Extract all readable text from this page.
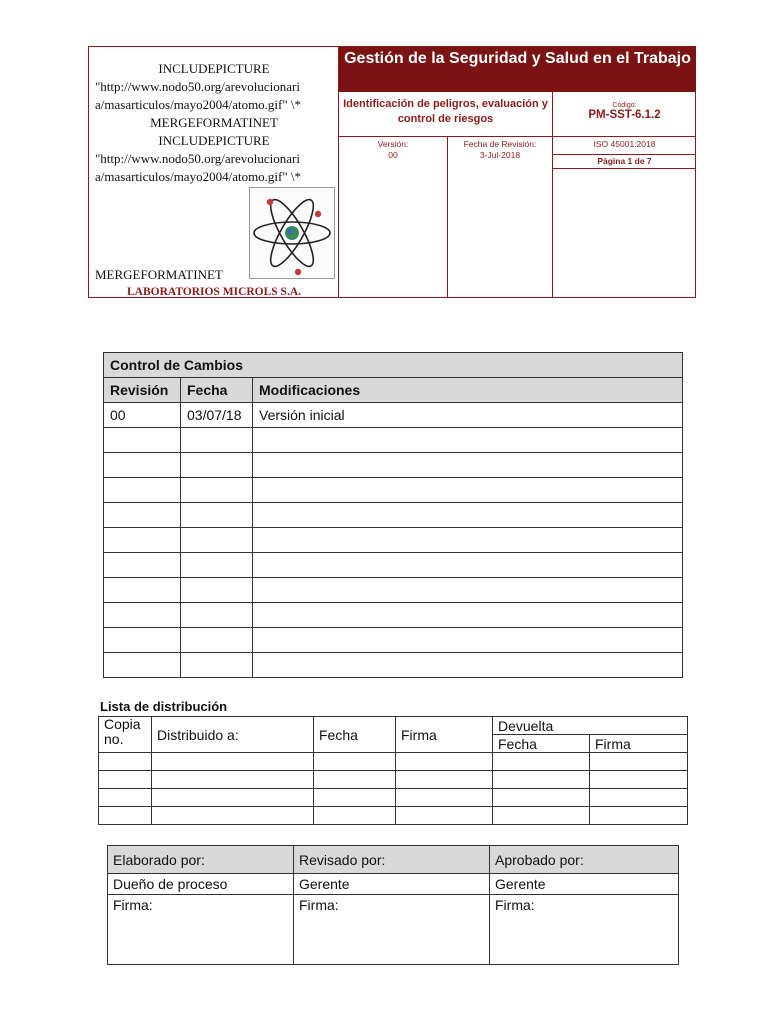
INCLUDEPICTURE
"http://www.nodo50.org/arevolucionari
a/masarticulos/mayo2004/atomo.gif" \*
MERGEFORMATINET
INCLUDEPICTURE
"http://www.nodo50.org/arevolucionari
a/masarticulos/mayo2004/atomo.gif" \*
MERGEFORMATINET
LABORATORIOS MICROLS S.A.
Gestión de la Seguridad y Salud en el Trabajo
Identificación de peligros, evaluación y control de riesgos
Código:
PM-SST-6.1.2
Versión:
00
Fecha de Revisión:
3-Jul-2018
ISO 45001:2018
Página 1 de 7
Control de Cambios		
Revisión	Fecha	Modificaciones
00	03/07/18	Versión inicial

Lista de distribución
Copia no.	Distribuido a:	Fecha	Firma	Devuelta	
				Fecha	Firma

Elaborado por:	Revisado por:	Aprobado por:
Dueño de proceso	Gerente	Gerente
Firma:	Firma:	Firma:
